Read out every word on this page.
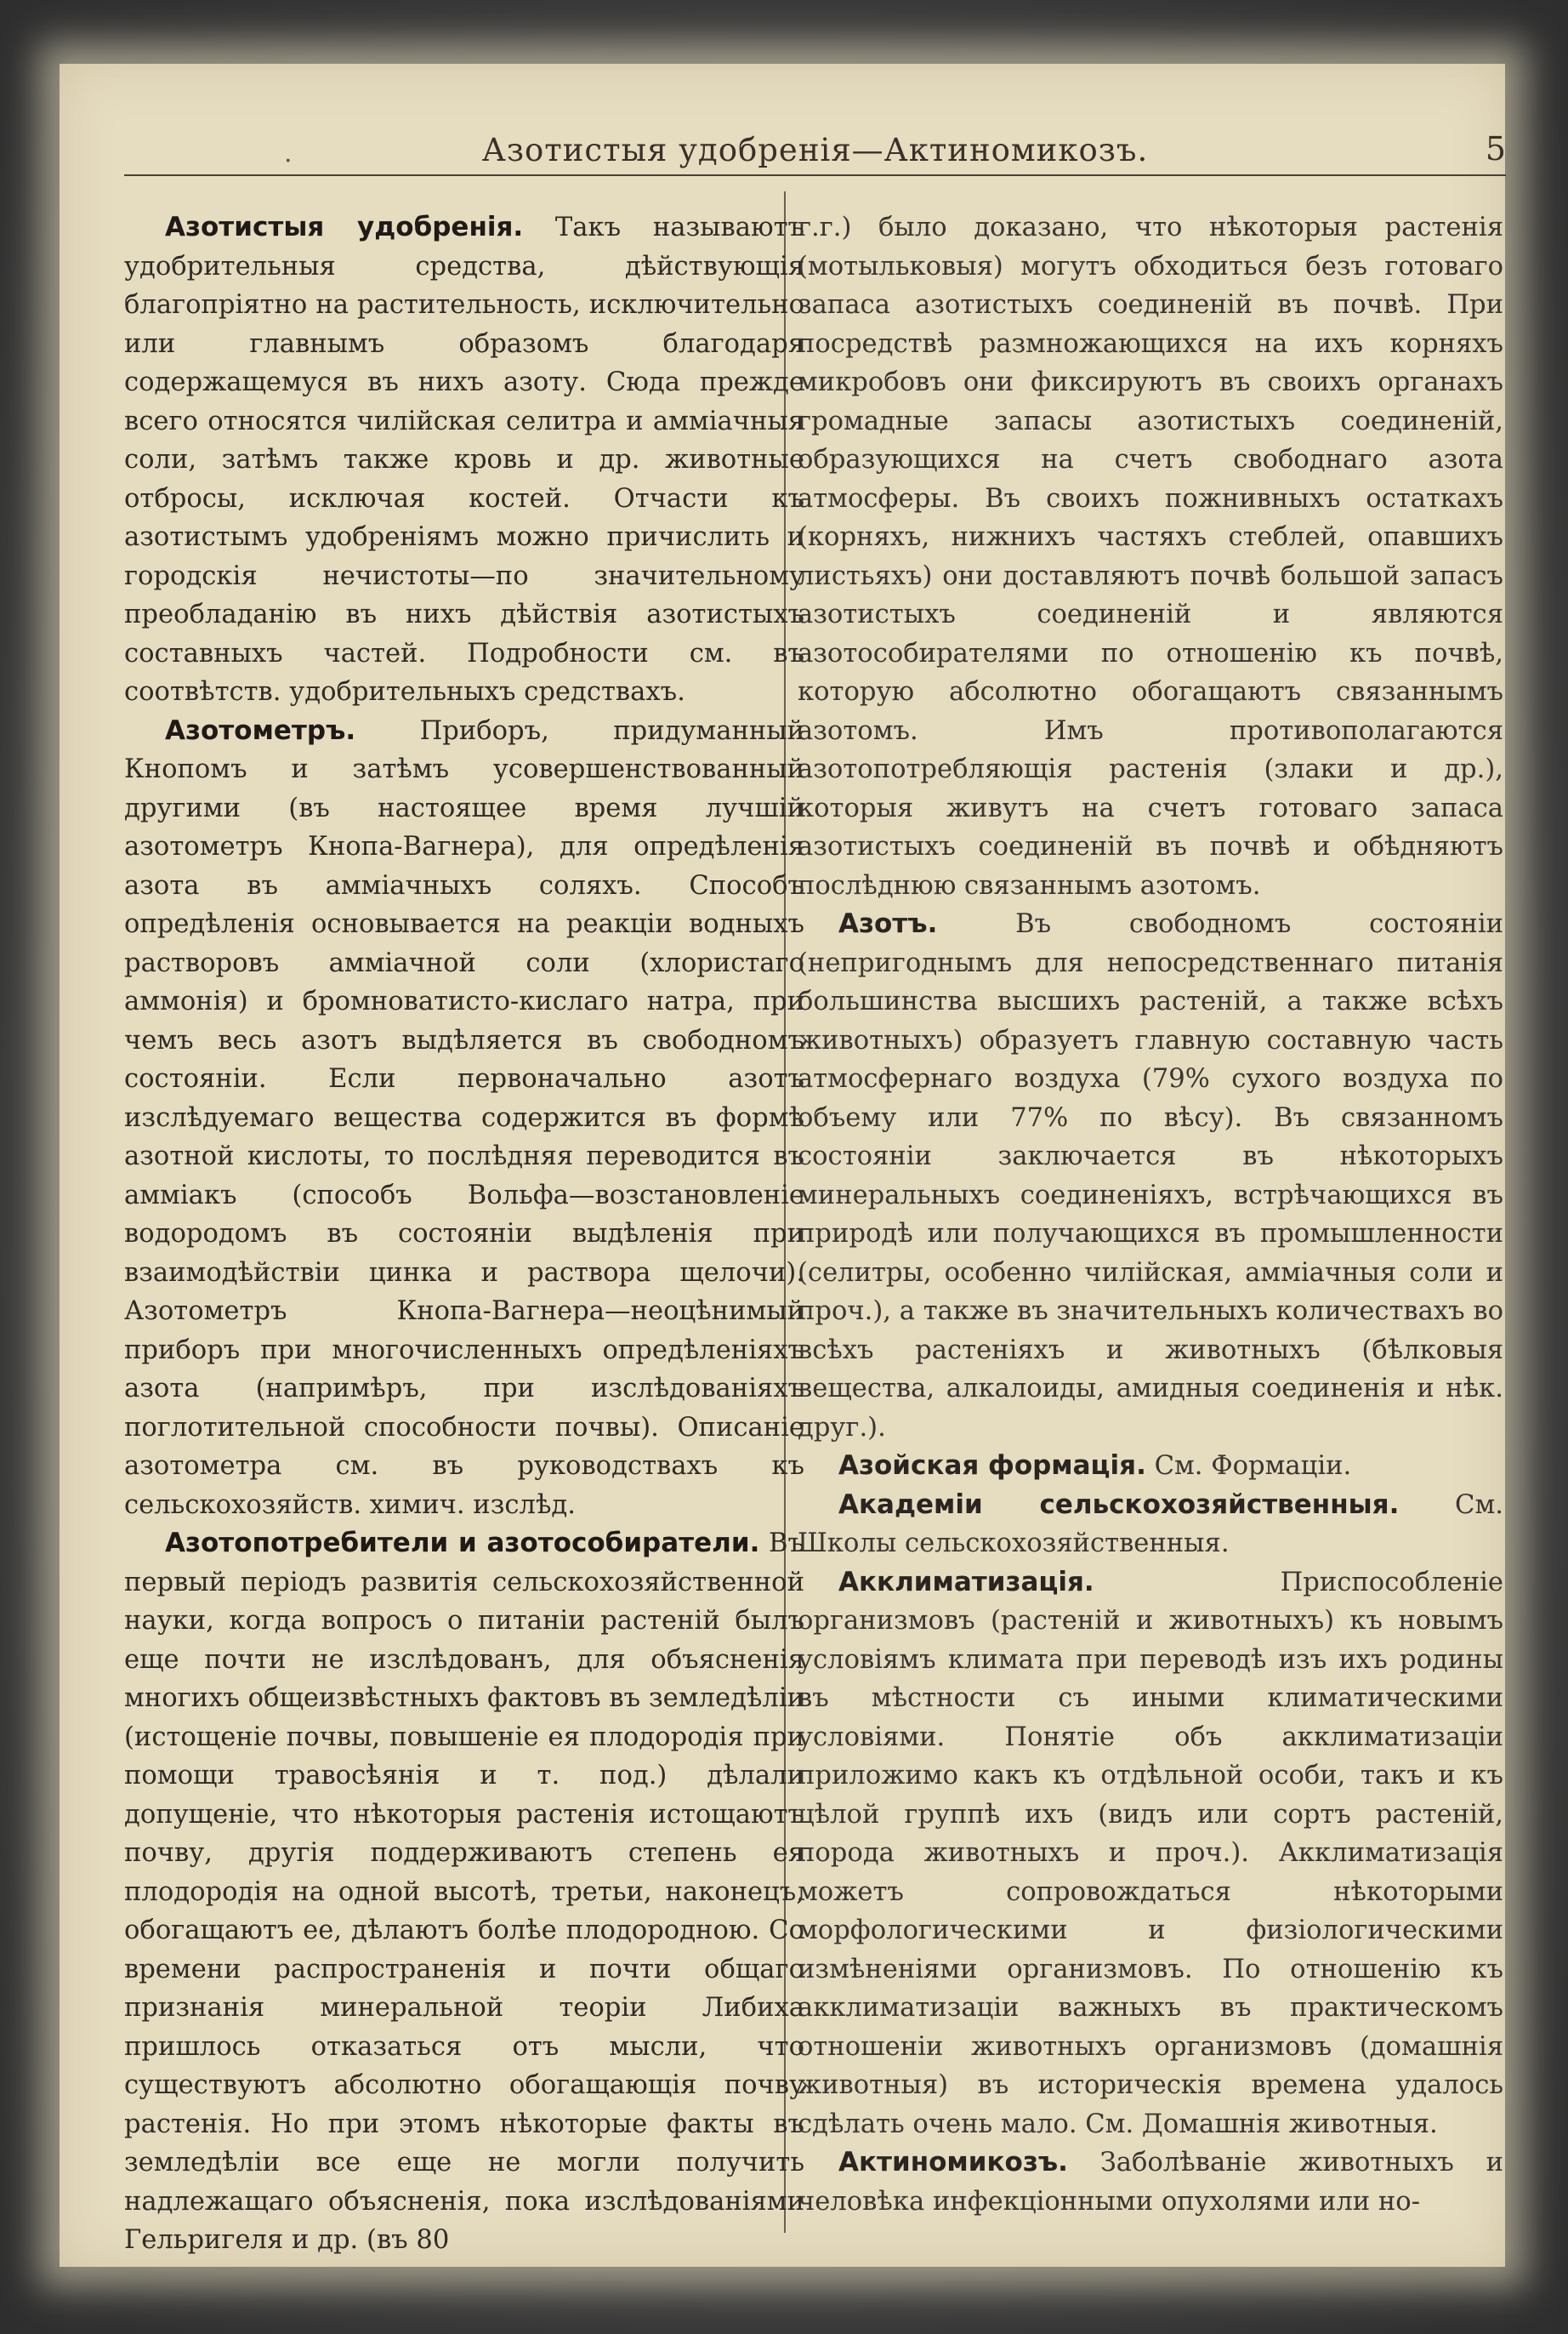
.	Азотистыя удобренія—Актиномикозъ.	5

Азотистыя удобренія. Такъ называютъ удобрительныя средства, дѣйствующія благопріятно на растительность, исключительно или главнымъ образомъ благодаря содержащемуся въ нихъ азоту. Сюда прежде всего относятся чилійская селитра и амміачныя соли, затѣмъ также кровь и др. животные отбросы, исключая костей. Отчасти къ азотистымъ удобреніямъ можно причислить и городскія нечистоты—по значительному преобладанію въ нихъ дѣйствія азотистыхъ составныхъ частей. Подробности см. въ соотвѣтств. удобрительныхъ средствахъ.

Азотометръ. Приборъ, придуманный Кнопомъ и затѣмъ усовершенствованный другими (въ настоящее время лучшій азотометръ Кнопа-Вагнера), для опредѣленія азота въ амміачныхъ соляхъ. Способъ опредѣленія основывается на реакціи водныхъ растворовъ амміачной соли (хлористаго аммонія) и бромноватисто-кислаго натра, при чемъ весь азотъ выдѣляется въ свободномъ состояніи. Если первоначально азотъ изслѣдуемаго вещества содержится въ формѣ азотной кислоты, то послѣдняя переводится въ амміакъ (способъ Вольфа—возстановленіе водородомъ въ состояніи выдѣленія при взаимодѣйствіи цинка и раствора щелочи). Азотометръ Кнопа-Вагнера—неоцѣнимый приборъ при многочисленныхъ опредѣленіяхъ азота (напримѣръ, при изслѣдованіяхъ поглотительной способности почвы). Описаніе азотометра см. въ руководствахъ къ сельскохозяйств. химич. изслѣд.

Азотопотребители и азотособиратели. Въ первый періодъ развитія сельскохозяйственной науки, когда вопросъ о питаніи растеній былъ еще почти не изслѣдованъ, для объясненія многихъ общеизвѣстныхъ фактовъ въ земледѣліи (истощеніе почвы, повышеніе ея плодородія при помощи травосѣянія и т. под.) дѣлали допущеніе, что нѣкоторыя растенія истощаютъ почву, другія поддерживаютъ степень ея плодородія на одной высотѣ, третьи, наконецъ, обогащаютъ ее, дѣлаютъ болѣе плодородною. Со времени распространенія и почти общаго признанія минеральной теоріи Либиха пришлось отказаться отъ мысли, что существуютъ абсолютно обогащающія почву растенія. Но при этомъ нѣкоторые факты въ земледѣліи все еще не могли получить надлежащаго объясненія, пока изслѣдованіями Гельригеля и др. (въ 80

г.г.) было доказано, что нѣкоторыя растенія (мотыльковыя) могутъ обходиться безъ готоваго запаса азотистыхъ соединеній въ почвѣ. При посредствѣ размножающихся на ихъ корняхъ микробовъ они фиксируютъ въ своихъ органахъ громадные запасы азотистыхъ соединеній, образующихся на счетъ свободнаго азота атмосферы. Въ своихъ пожнивныхъ остаткахъ (корняхъ, нижнихъ частяхъ стеблей, опавшихъ листьяхъ) они доставляютъ почвѣ большой запасъ азотистыхъ соединеній и являются азотособирателями по отношенію къ почвѣ, которую абсолютно обогащаютъ связаннымъ азотомъ. Имъ противополагаются азотопотребляющія растенія (злаки и др.), которыя живутъ на счетъ готоваго запаса азотистыхъ соединеній въ почвѣ и обѣдняютъ послѣднюю связаннымъ азотомъ.

Азотъ. Въ свободномъ состояніи (непригоднымъ для непосредственнаго питанія большинства высшихъ растеній, а также всѣхъ животныхъ) образуетъ главную составную часть атмосфернаго воздуха (79% сухого воздуха по объему или 77% по вѣсу). Въ связанномъ состояніи заключается въ нѣкоторыхъ минеральныхъ соединеніяхъ, встрѣчающихся въ природѣ или получающихся въ промышленности (селитры, особенно чилійская, амміачныя соли и проч.), а также въ значительныхъ количествахъ во всѣхъ растеніяхъ и животныхъ (бѣлковыя вещества, алкалоиды, амидныя соединенія и нѣк. друг.).

Азойская формація. См. Формаціи.

Академіи сельскохозяйственныя. См. Школы сельскохозяйственныя.

Акклиматизація. Приспособленіе организмовъ (растеній и животныхъ) къ новымъ условіямъ климата при переводѣ изъ ихъ родины въ мѣстности съ иными климатическими условіями. Понятіе объ акклиматизаціи приложимо какъ къ отдѣльной особи, такъ и къ цѣлой группѣ ихъ (видъ или сортъ растеній, порода животныхъ и проч.). Акклиматизація можетъ сопровождаться нѣкоторыми морфологическими и физіологическими измѣненіями организмовъ. По отношенію къ акклиматизаціи важныхъ въ практическомъ отношеніи животныхъ организмовъ (домашнія животныя) въ историческія времена удалось сдѣлать очень мало. См. Домашнія животныя.

Актиномикозъ. Заболѣваніе животныхъ и человѣка инфекціонными опухолями или но-
